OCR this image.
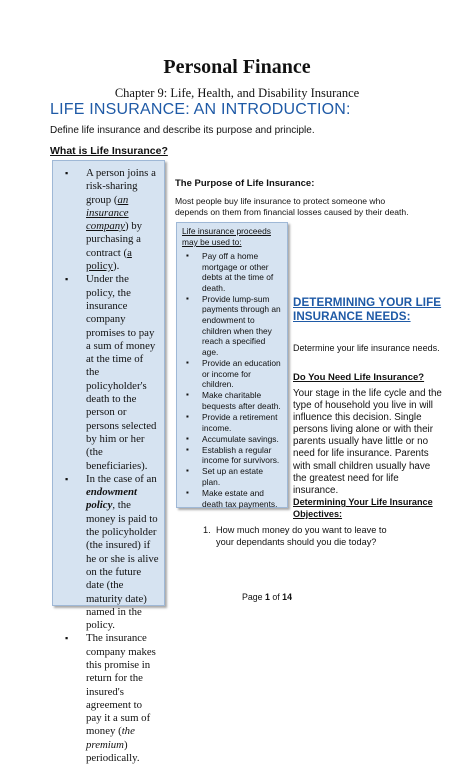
Personal Finance
Chapter 9: Life, Health, and Disability Insurance
LIFE INSURANCE: AN INTRODUCTION:
Define life insurance and describe its purpose and principle.
What is Life Insurance?
▪ A person joins a risk-sharing group (an insurance company) by purchasing a contract (a policy).
▪ Under the policy, the insurance company promises to pay a sum of money at the time of the policyholder's death to the person or persons selected by him or her (the beneficiaries).
▪ In the case of an endowment policy, the money is paid to the policyholder (the insured) if he or she is alive on the future date (the maturity date) named in the policy.
▪ The insurance company makes this promise in return for the insured's agreement to pay it a sum of money (the premium) periodically.
The Purpose of Life Insurance:
Most people buy life insurance to protect someone who depends on them from financial losses caused by their death.
Life insurance proceeds may be used to:
▪ Pay off a home mortgage or other debts at the time of death.
▪ Provide lump-sum payments through an endowment to children when they reach a specified age.
▪ Provide an education or income for children.
▪ Make charitable bequests after death.
▪ Provide a retirement income.
▪ Accumulate savings.
▪ Establish a regular income for survivors.
▪ Set up an estate plan.
▪ Make estate and death tax payments.
DETERMINING YOUR LIFE INSURANCE NEEDS:
Determine your life insurance needs.
Do You Need Life Insurance?
Your stage in the life cycle and the type of household you live in will influence this decision. Single persons living alone or with their parents usually have little or no need for life insurance. Parents with small children usually have the greatest need for life insurance.
Determining Your Life Insurance Objectives:
1. How much money do you want to leave to your dependants should you die today?
Page 1 of 14
